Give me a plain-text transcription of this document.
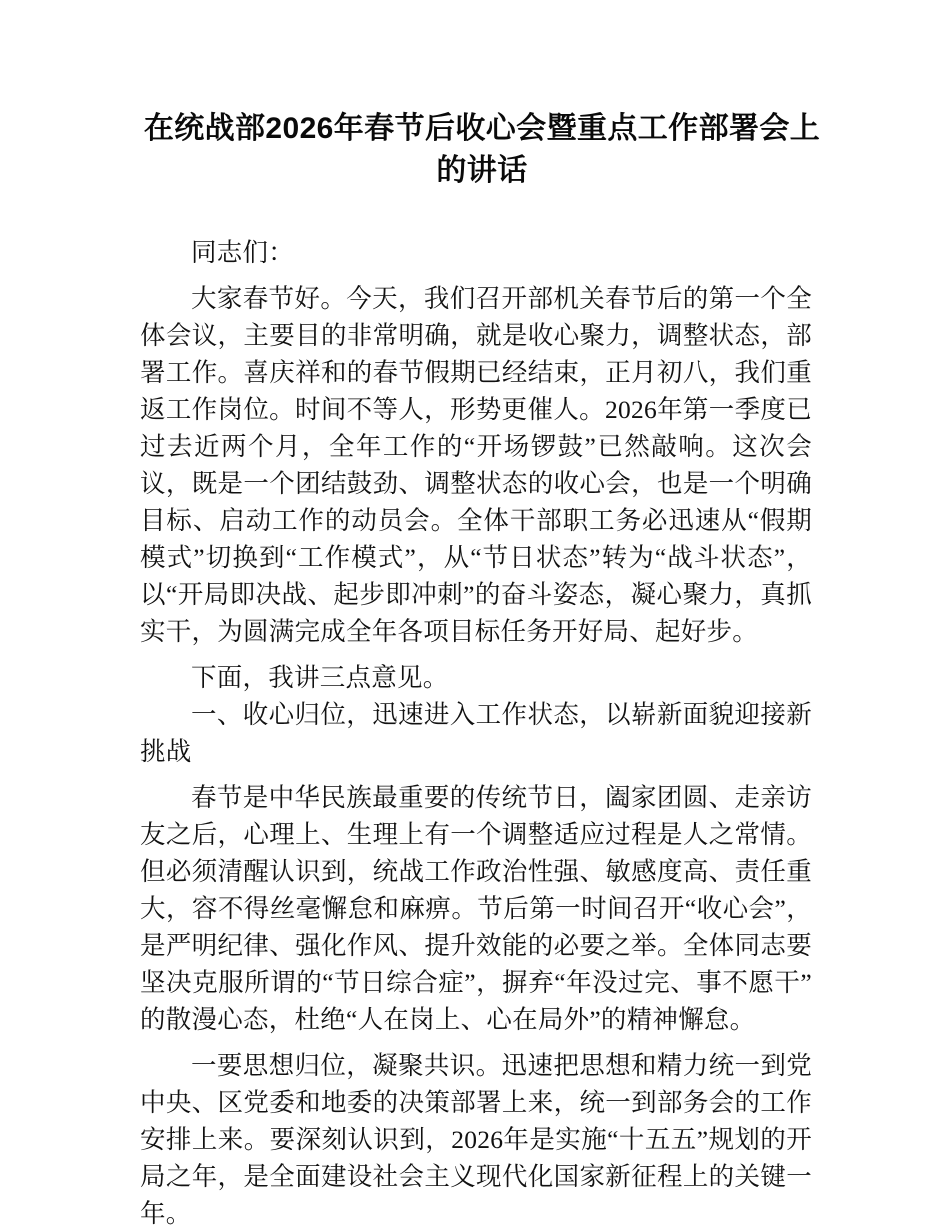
在统战部2026年春节后收心会暨重点工作部署会上的讲话

同志们：

大家春节好。今天，我们召开部机关春节后的第一个全体会议，主要目的非常明确，就是收心聚力，调整状态，部署工作。喜庆祥和的春节假期已经结束，正月初八，我们重返工作岗位。时间不等人，形势更催人。2026年第一季度已过去近两个月，全年工作的“开场锣鼓”已然敲响。这次会议，既是一个团结鼓劲、调整状态的收心会，也是一个明确目标、启动工作的动员会。全体干部职工务必迅速从“假期模式”切换到“工作模式”，从“节日状态”转为“战斗状态”，以“开局即决战、起步即冲刺”的奋斗姿态，凝心聚力，真抓实干，为圆满完成全年各项目标任务开好局、起好步。

下面，我讲三点意见。

一、收心归位，迅速进入工作状态，以崭新面貌迎接新挑战

春节是中华民族最重要的传统节日，阖家团圆、走亲访友之后，心理上、生理上有一个调整适应过程是人之常情。但必须清醒认识到，统战工作政治性强、敏感度高、责任重大，容不得丝毫懈怠和麻痹。节后第一时间召开“收心会”，是严明纪律、强化作风、提升效能的必要之举。全体同志要坚决克服所谓的“节日综合症”，摒弃“年没过完、事不愿干”的散漫心态，杜绝“人在岗上、心在局外”的精神懈怠。

一要思想归位，凝聚共识。迅速把思想和精力统一到党中央、区党委和地委的决策部署上来，统一到部务会的工作安排上来。要深刻认识到，2026年是实施“十五五”规划的开局之年，是全面建设社会主义现代化国家新征程上的关键一年。
